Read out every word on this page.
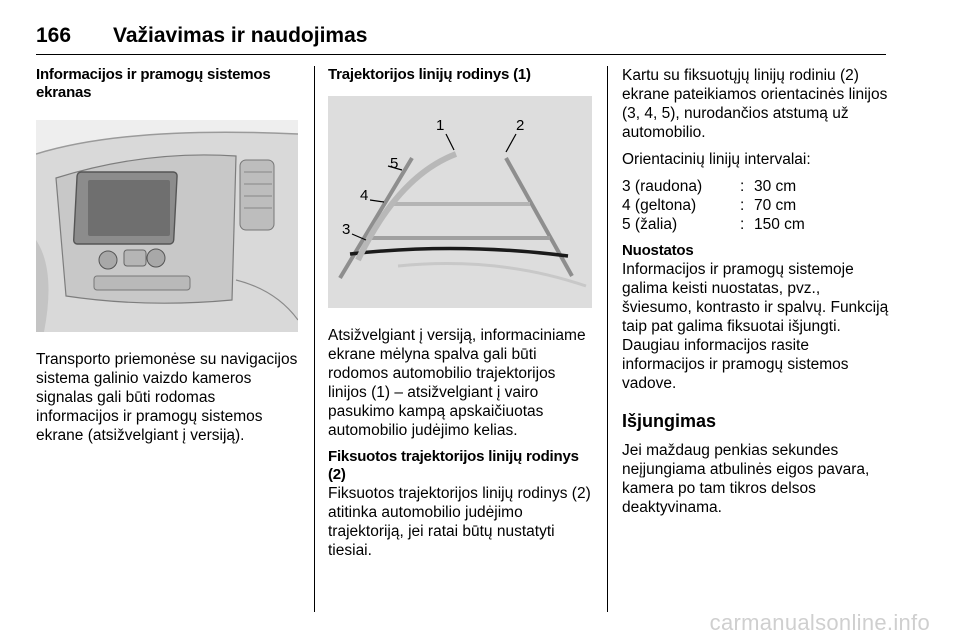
166 Važiavimas ir naudojimas
Informacijos ir pramogų sistemos ekranas

Transporto priemonėse su navigacijos sistema galinio vaizdo kameros signalas gali būti rodomas informacijos ir pramogų sistemos ekrane (atsižvelgiant į versiją).

Trajektorijos linijų rodinys (1)
1	2
3
4
5

Atsižvelgiant į versiją, informaciniame ekrane mėlyna spalva gali būti rodomos automobilio trajektorijos linijos (1) – atsižvelgiant į vairo pasukimo kampą apskaičiuotas automobilio judėjimo kelias.

Fiksuotos trajektorijos linijų rodinys (2)

Fiksuotos trajektorijos linijų rodinys (2) atitinka automobilio judėjimo trajektoriją, jei ratai būtų nustatyti tiesiai.

Kartu su fiksuotųjų linijų rodiniu (2) ekrane pateikiamos orientacinės linijos (3, 4, 5), nurodančios atstumą už automobilio.

Orientacinių linijų intervalai:

3 (raudona)	:	30 cm
4 (geltona)	:	70 cm
5 (žalia)	:	150 cm
Nuostatos

Informacijos ir pramogų sistemoje galima keisti nuostatas, pvz., šviesumo, kontrasto ir spalvų. Funkciją taip pat galima fiksuotai išjungti. Daugiau informacijos rasite informacijos ir pramogų sistemos vadove.

Išjungimas

Jei maždaug penkias sekundes neįjungiama atbulinės eigos pavara, kamera po tam tikros delsos deaktyvinama.

carmanualsonline.info
